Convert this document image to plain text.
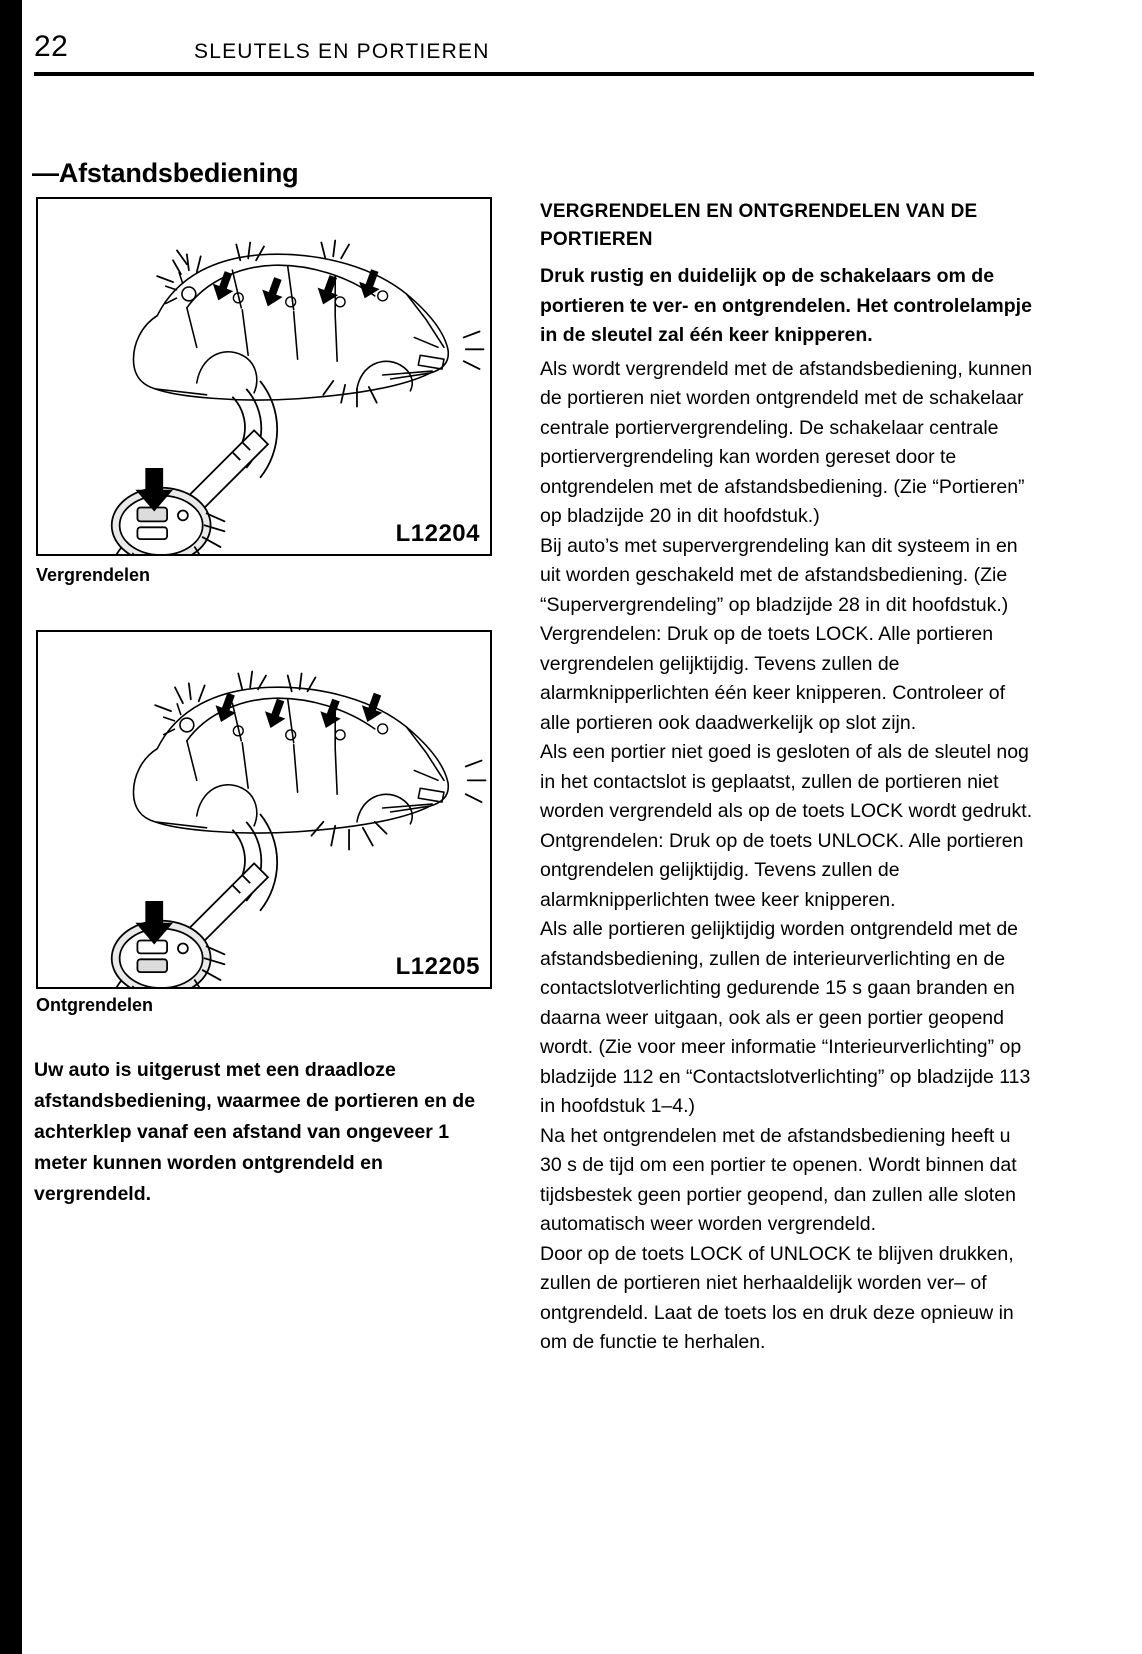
22	SLEUTELS EN PORTIEREN
—Afstandsbediening
L12204
Vergrendelen
L12205
Ontgrendelen
Uw auto is uitgerust met een draadloze afstandsbediening, waarmee de portieren en de achterklep vanaf een afstand van ongeveer 1 meter kunnen worden ontgrendeld en vergrendeld.
VERGRENDELEN EN ONTGRENDELEN VAN DE PORTIEREN
Druk rustig en duidelijk op de schakelaars om de portieren te ver- en ontgrendelen. Het controlelampje in de sleutel zal één keer knipperen.

Als wordt vergrendeld met de afstandsbediening, kunnen de portieren niet worden ontgrendeld met de schakelaar centrale portiervergrendeling. De schakelaar centrale portiervergrendeling kan worden gereset door te ontgrendelen met de afstandsbediening. (Zie “Portieren” op bladzijde 20 in dit hoofdstuk.)

Bij auto’s met supervergrendeling kan dit systeem in en uit worden geschakeld met de afstandsbediening. (Zie “Supervergrendeling” op bladzijde 28 in dit hoofdstuk.)

Vergrendelen: Druk op de toets LOCK. Alle portieren vergrendelen gelijktijdig. Tevens zullen de alarmknipperlichten één keer knipperen. Controleer of alle portieren ook daadwerkelijk op slot zijn.

Als een portier niet goed is gesloten of als de sleutel nog in het contactslot is geplaatst, zullen de portieren niet worden vergrendeld als op de toets LOCK wordt gedrukt.

Ontgrendelen: Druk op de toets UNLOCK. Alle portieren ontgrendelen gelijktijdig. Tevens zullen de alarmknipperlichten twee keer knipperen.

Als alle portieren gelijktijdig worden ontgrendeld met de afstandsbediening, zullen de interieurverlichting en de contactslotverlichting gedurende 15 s gaan branden en daarna weer uitgaan, ook als er geen portier geopend wordt. (Zie voor meer informatie “Interieurverlichting” op bladzijde 112 en “Contactslotverlichting” op bladzijde 113 in hoofdstuk 1–4.)

Na het ontgrendelen met de afstandsbediening heeft u 30 s de tijd om een portier te openen. Wordt binnen dat tijdsbestek geen portier geopend, dan zullen alle sloten automatisch weer worden vergrendeld.

Door op de toets LOCK of UNLOCK te blijven drukken, zullen de portieren niet herhaaldelijk worden ver– of ontgrendeld. Laat de toets los en druk deze opnieuw in om de functie te herhalen.
